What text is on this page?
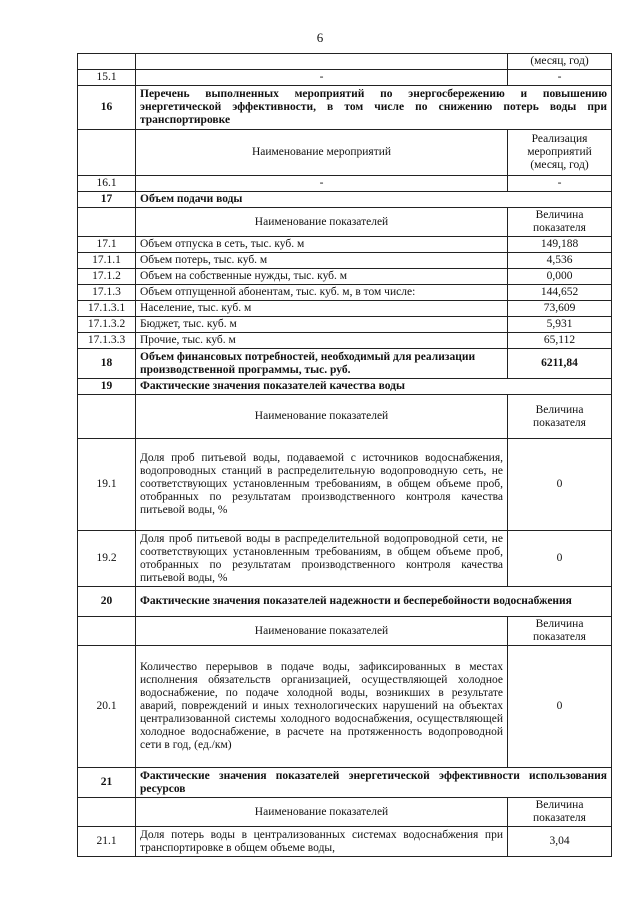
6
		(месяц, год)
15.1	-	-
16	Перечень выполненных мероприятий по энергосбережению и повышению энергетической эффективности, в том числе по снижению потерь воды при транспортировке	
	Наименование мероприятий	Реализация мероприятий (месяц, год)
16.1	-	-
17	Объем подачи воды	
	Наименование показателей	Величина показателя
17.1	Объем отпуска в сеть, тыс. куб. м	149,188
17.1.1	Объем потерь, тыс. куб. м	4,536
17.1.2	Объем на собственные нужды, тыс. куб. м	0,000
17.1.3	Объем отпущенной абонентам, тыс. куб. м, в том числе:	144,652
17.1.3.1	Население, тыс. куб. м	73,609
17.1.3.2	Бюджет, тыс. куб. м	5,931
17.1.3.3	Прочие, тыс. куб. м	65,112
18	Объем финансовых потребностей, необходимый для реализации производственной программы, тыс. руб.	6211,84
19	Фактические значения показателей качества воды	
	Наименование показателей	Величина показателя
19.1	Доля проб питьевой воды, подаваемой с источников водоснабжения, водопроводных станций в распределительную водопроводную сеть, не соответствующих установленным требованиям, в общем объеме проб, отобранных по результатам производственного контроля качества питьевой воды, %	0
19.2	Доля проб питьевой воды в распределительной водопроводной сети, не соответствующих установленным требованиям, в общем объеме проб, отобранных по результатам производственного контроля качества питьевой воды, %	0
20	Фактические значения показателей надежности и бесперебойности водоснабжения	
	Наименование показателей	Величина показателя
20.1	Количество перерывов в подаче воды, зафиксированных в местах исполнения обязательств организацией, осуществляющей холодное водоснабжение, по подаче холодной воды, возникших в результате аварий, повреждений и иных технологических нарушений на объектах централизованной системы холодного водоснабжения, осуществляющей холодное водоснабжение, в расчете на протяженность водопроводной сети в год, (ед./км)	0
21	Фактические значения показателей энергетической эффективности использования ресурсов	
	Наименование показателей	Величина показателя
21.1	Доля потерь воды в централизованных системах водоснабжения при транспортировке в общем объеме воды,	3,04
